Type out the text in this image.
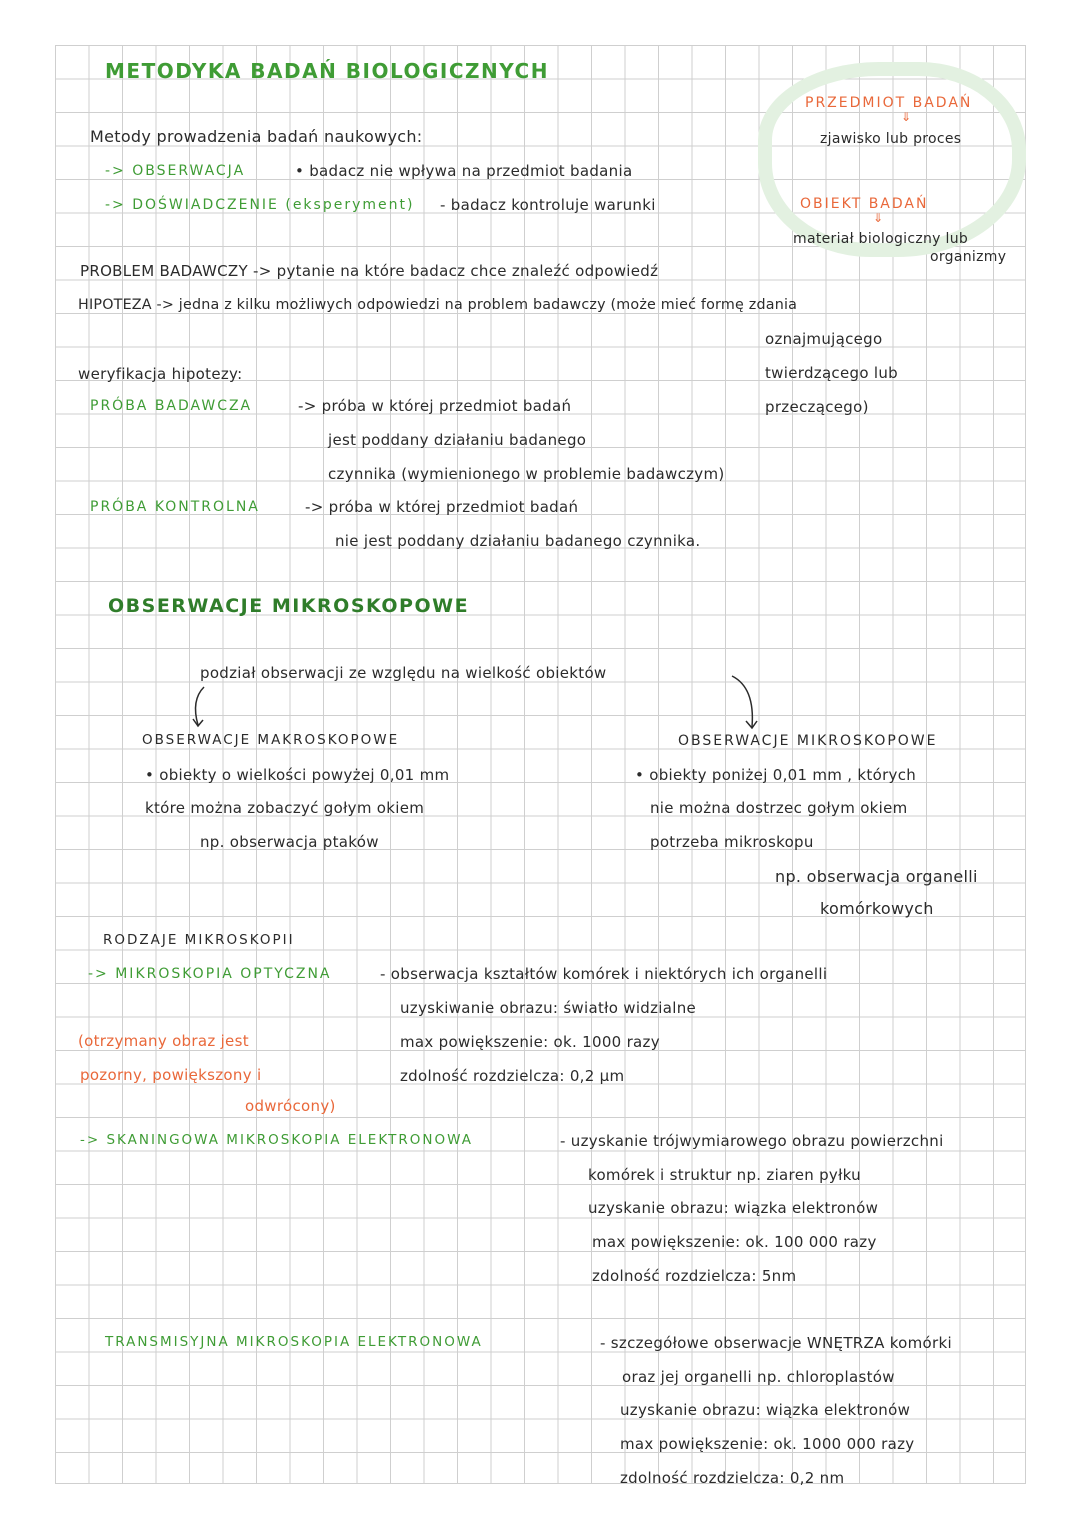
METODYKA BADAŃ BIOLOGICZNYCH
Metody prowadzenia badań naukowych:
-> OBSERWACJA	• badacz nie wpływa na przedmiot badania
-> DOŚWIADCZENIE (eksperyment) - badacz kontroluje warunki
PRZEDMIOT BADAŃ
⇓
zjawisko lub proces
OBIEKT BADAŃ
⇓
materiał biologiczny lub
organizmy
PROBLEM BADAWCZY -> pytanie na które badacz chce znaleźć odpowiedź
HIPOTEZA -> jedna z kilku możliwych odpowiedzi na problem badawczy (może mieć formę zdania
oznajmującego
twierdzącego lub
przeczącego)
weryfikacja hipotezy:
PRÓBA BADAWCZA	-> próba w której przedmiot badań
jest poddany działaniu badanego
czynnika (wymienionego w problemie badawczym)
PRÓBA KONTROLNA	-> próba w której przedmiot badań
nie jest poddany działaniu badanego czynnika.
OBSERWACJE MIKROSKOPOWE
podział obserwacji ze względu na wielkość obiektów
OBSERWACJE MAKROSKOPOWE
• obiekty o wielkości powyżej 0,01 mm
które można zobaczyć gołym okiem
np. obserwacja ptaków
OBSERWACJE MIKROSKOPOWE
• obiekty poniżej 0,01 mm , których
nie można dostrzec gołym okiem
potrzeba mikroskopu
np. obserwacja organelli
komórkowych
RODZAJE MIKROSKOPII
-> MIKROSKOPIA OPTYCZNA	- obserwacja kształtów komórek i niektórych ich organelli
uzyskiwanie obrazu: światło widzialne
max powiększenie: ok. 1000 razy
zdolność rozdzielcza: 0,2 µm
(otrzymany obraz jest
pozorny, powiększony i
odwrócony)
-> SKANINGOWA MIKROSKOPIA ELEKTRONOWA	- uzyskanie trójwymiarowego obrazu powierzchni
komórek i struktur np. ziaren pyłku
uzyskanie obrazu: wiązka elektronów
max powiększenie: ok. 100 000 razy
zdolność rozdzielcza: 5nm
TRANSMISYJNA MIKROSKOPIA ELEKTRONOWA	- szczegółowe obserwacje WNĘTRZA komórki
oraz jej organelli np. chloroplastów
uzyskanie obrazu: wiązka elektronów
max powiększenie: ok. 1000 000 razy
zdolność rozdzielcza: 0,2 nm
